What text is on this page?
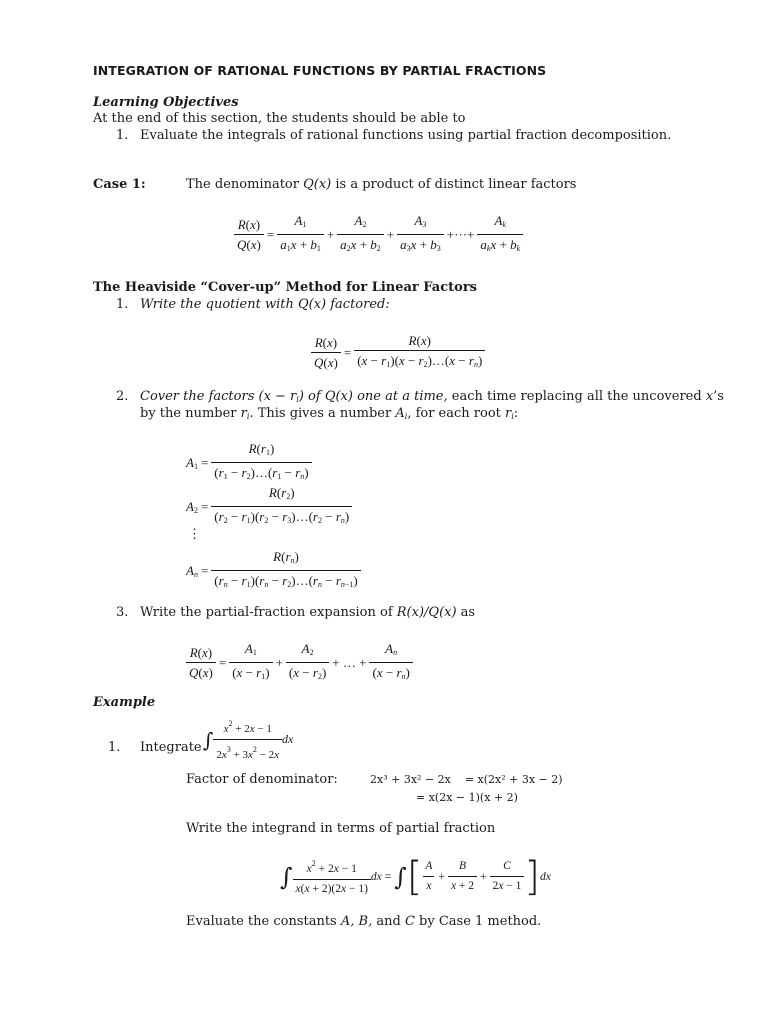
INTEGRATION OF RATIONAL FUNCTIONS BY PARTIAL FRACTIONS
Learning Objectives
At the end of this section, the students should be able to
1. Evaluate the integrals of rational functions using partial fraction decomposition.
Case 1:	The denominator Q(x) is a product of distinct linear factors
$\frac{R(x)}{Q(x)} = \frac{A_1}{a_1x + b_1} + \frac{A_2}{a_2x + b_2} + \frac{A_3}{a_3x + b_3}$ +···+ $\frac{A_k}{a_kx + b_k}$
The Heaviside “Cover-up” Method for Linear Factors
1. Write the quotient with Q(x) factored:
$\frac{R(x)}{Q(x)} = \frac{R(x)}{(x - r_1)(x - r_2)\dots(x - r_n)}$
2. Cover the factors $(x - r_i)$ of Q(x) one at a time, each time replacing all the uncovered x’s
by the number $r_i$. This gives a number $A_i$, for each root $r_i$:
$A_1 = \frac{R(r_1)}{(r_1 - r_2)\dots(r_1 - r_n)}$
$A_2 = \frac{R(r_2)}{(r_2 - r_1)(r_2 - r_3)\dots(r_2 - r_n)}$
⋮
$A_n = \frac{R(r_n)}{(r_n - r_1)(r_n - r_2)\dots(r_n - r_{n-1})}$
3. Write the partial-fraction expansion of R(x)/Q(x) as
$\frac{R(x)}{Q(x)} = \frac{A_1}{(x - r_1)} + \frac{A_2}{(x - r_2)}$ + … + $\frac{A_n}{(x - r_n)}$
Example
1. Integrate ∫ $\frac{x^2 + 2x - 1}{2x^3 + 3x^2 - 2x}$ dx
Factor of denominator:	2x³ + 3x² − 2x    = x(2x² + 3x − 2)
= x(2x − 1)(x + 2)
Write the integrand in terms of partial fraction
∫ $\frac{x^2 + 2x - 1}{x(x + 2)(2x - 1)}$ dx = ∫ [ $\frac{A}{x} + \frac{B}{x + 2} + \frac{C}{2x - 1}$ ] dx
Evaluate the constants A, B, and C by Case 1 method.
